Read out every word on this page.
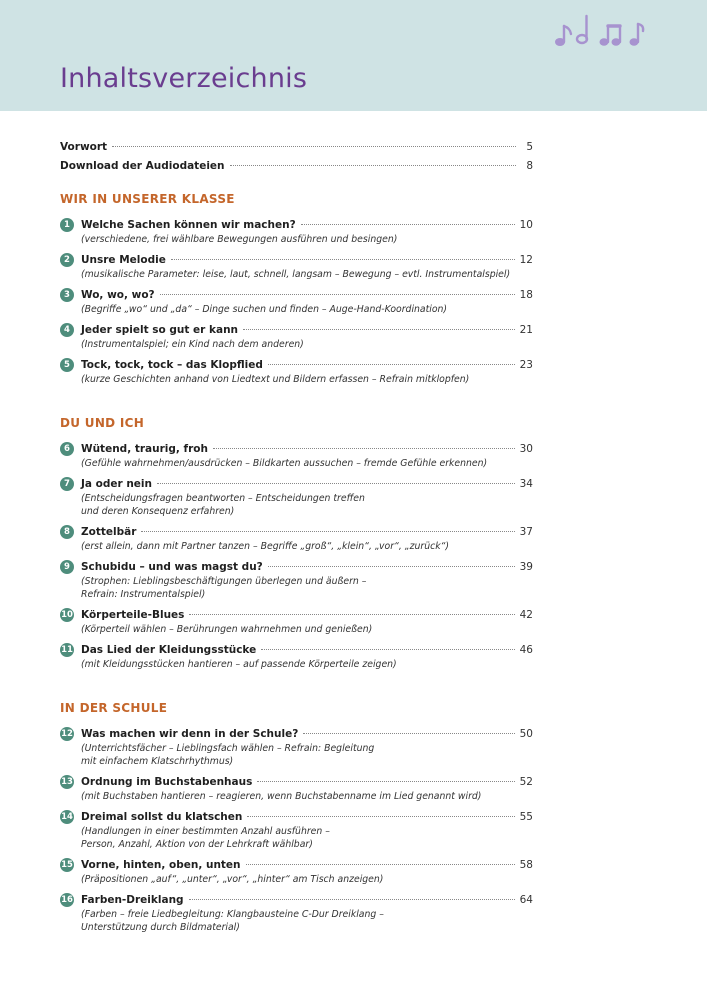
Inhaltsverzeichnis
Vorwort	5
Download der Audiodateien	8
WIR IN UNSERER KLASSE
1	Welche Sachen können wir machen?	10
(verschiedene, frei wählbare Bewegungen ausführen und besingen)
2	Unsre Melodie	12
(musikalische Parameter: leise, laut, schnell, langsam – Bewegung – evtl. Instrumentalspiel)
3	Wo, wo, wo?	18
(Begriffe „wo“ und „da“ – Dinge suchen und finden – Auge-Hand-Koordination)
4	Jeder spielt so gut er kann	21
(Instrumentalspiel; ein Kind nach dem anderen)
5	Tock, tock, tock – das Klopflied	23
(kurze Geschichten anhand von Liedtext und Bildern erfassen – Refrain mitklopfen)
DU UND ICH
6	Wütend, traurig, froh	30
(Gefühle wahrnehmen/ausdrücken – Bildkarten aussuchen – fremde Gefühle erkennen)
7	Ja oder nein	34
(Entscheidungsfragen beantworten – Entscheidungen treffen
und deren Konsequenz erfahren)
8	Zottelbär	37
(erst allein, dann mit Partner tanzen – Begriffe „groß“, „klein“, „vor“, „zurück“)
9	Schubidu – und was magst du?	39
(Strophen: Lieblingsbeschäftigungen überlegen und äußern –
Refrain: Instrumentalspiel)
10 Körperteile-Blues	42
(Körperteil wählen – Berührungen wahrnehmen und genießen)
11 Das Lied der Kleidungsstücke	46
(mit Kleidungsstücken hantieren – auf passende Körperteile zeigen)
IN DER SCHULE
12 Was machen wir denn in der Schule?	50
(Unterrichtsfächer – Lieblingsfach wählen – Refrain: Begleitung
mit einfachem Klatschrhythmus)
13 Ordnung im Buchstabenhaus	52
(mit Buchstaben hantieren – reagieren, wenn Buchstabenname im Lied genannt wird)
14 Dreimal sollst du klatschen	55
(Handlungen in einer bestimmten Anzahl ausführen –
Person, Anzahl, Aktion von der Lehrkraft wählbar)
15 Vorne, hinten, oben, unten	58
(Präpositionen „auf“, „unter“, „vor“, „hinter“ am Tisch anzeigen)
16 Farben-Dreiklang	64
(Farben – freie Liedbegleitung: Klangbausteine C-Dur Dreiklang –
Unterstützung durch Bildmaterial)
